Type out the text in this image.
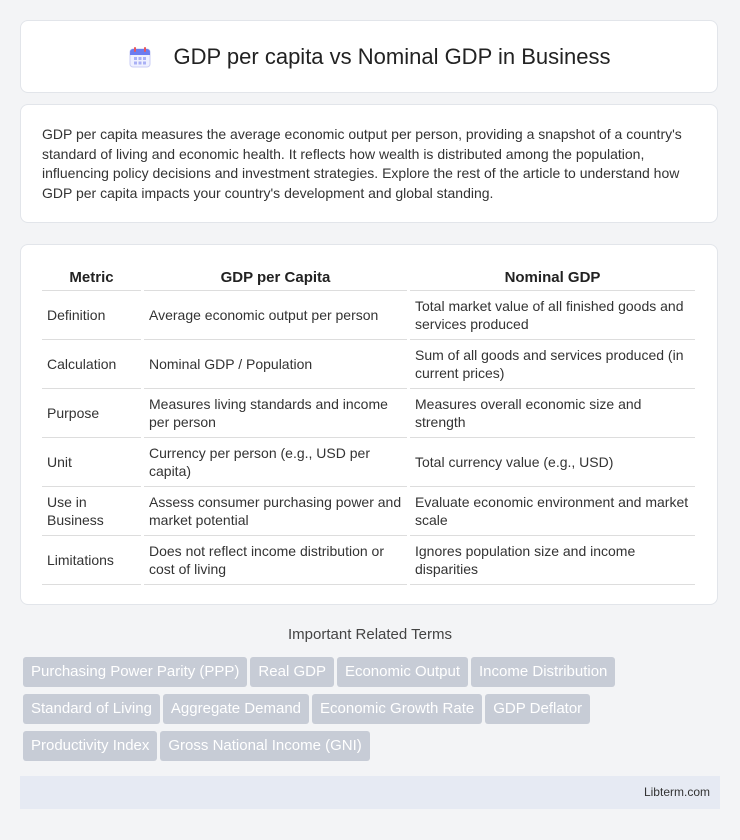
GDP per capita vs Nominal GDP in Business

GDP per capita measures the average economic output per person, providing a snapshot of a country's standard of living and economic health. It reflects how wealth is distributed among the population, influencing policy decisions and investment strategies. Explore the rest of the article to understand how GDP per capita impacts your country's development and global standing.

Metric	GDP per Capita	Nominal GDP
Definition	Average economic output per person	Total market value of all finished goods and services produced
Calculation	Nominal GDP / Population	Sum of all goods and services produced (in current prices)
Purpose	Measures living standards and income per person	Measures overall economic size and strength
Unit	Currency per person (e.g., USD per capita)	Total currency value (e.g., USD)
Use in Business	Assess consumer purchasing power and market potential	Evaluate economic environment and market scale
Limitations	Does not reflect income distribution or cost of living	Ignores population size and income disparities
Important Related Terms
Purchasing Power Parity (PPP) Real GDP Economic Output Income DistributionStandard of Living Aggregate Demand Economic Growth Rate GDP DeflatorProductivity Index Gross National Income (GNI)
Libterm.com
